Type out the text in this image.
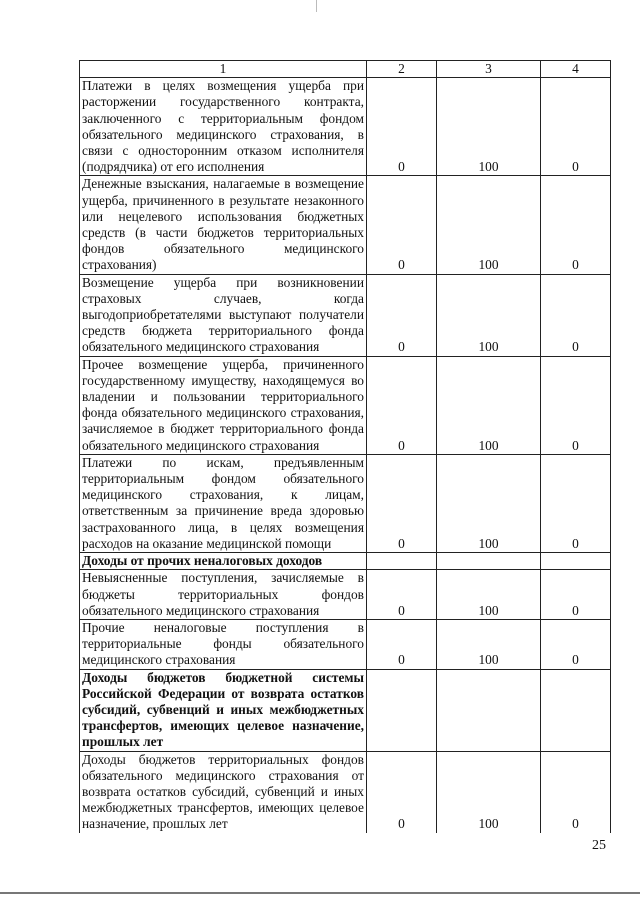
1	2	3	4
Платежи в целях возмещения ущерба при расторжении государственного контракта, заключенного с территориальным фондом обязательного медицинского страхования, в связи с односторонним отказом исполнителя (подрядчика) от его исполнения	0	100	0
Денежные взыскания, налагаемые в возмещение ущерба, причиненного в результате незаконного или нецелевого использования бюджетных средств (в части бюджетов территориальных фондов обязательного медицинского страхования)	0	100	0
Возмещение ущерба при возникновении страховых случаев, когда выгодоприобретателями выступают получатели средств бюджета территориального фонда обязательного медицинского страхования	0	100	0
Прочее возмещение ущерба, причиненного государственному имуществу, находящемуся во владении и пользовании территориального фонда обязательного медицинского страхования, зачисляемое в бюджет территориального фонда обязательного медицинского страхования	0	100	0
Платежи по искам, предъявленным территориальным фондом обязательного медицинского страхования, к лицам, ответственным за причинение вреда здоровью застрахованного лица, в целях возмещения расходов на оказание медицинской помощи	0	100	0
Доходы от прочих неналоговых доходов			
Невыясненные поступления, зачисляемые в бюджеты территориальных фондов обязательного медицинского страхования	0	100	0
Прочие неналоговые поступления в территориальные фонды обязательного медицинского страхования	0	100	0
Доходы бюджетов бюджетной системы Российской Федерации от возврата остатков субсидий, субвенций и иных межбюджетных трансфертов, имеющих целевое назначение, прошлых лет			
Доходы бюджетов территориальных фондов обязательного медицинского страхования от возврата остатков субсидий, субвенций и иных межбюджетных трансфертов, имеющих целевое назначение, прошлых лет	0	100	0
25
